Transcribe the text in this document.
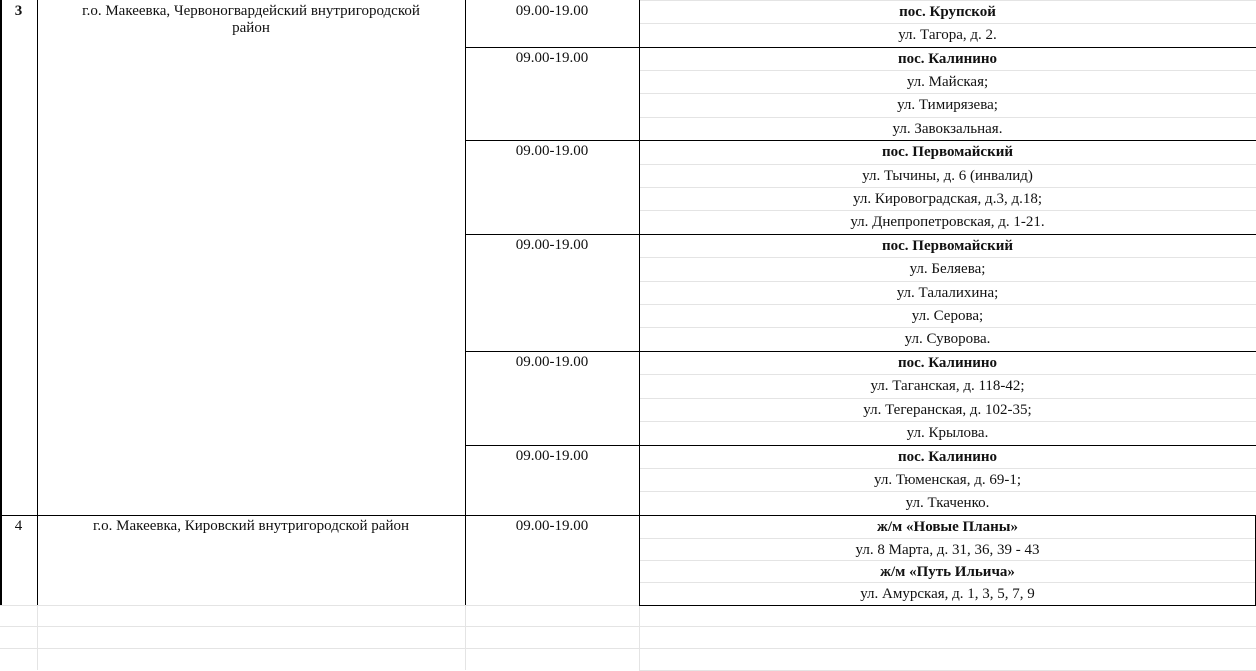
3	г.о. Макеевка, Червоногвардейский внутригородской
район
09.00-19.00	пос. Крупской
ул. Тагора, д. 2.
09.00-19.00	пос. Калинино
ул. Майская;
ул. Тимирязева;
ул. Завокзальная.
09.00-19.00	пос. Первомайский
ул. Тычины, д. 6 (инвалид)
ул. Кировоградская, д.3, д.18;
ул. Днепропетровская, д. 1-21.
09.00-19.00	пос. Первомайский
ул. Беляева;
ул. Талалихина;
ул. Серова;
ул. Суворова.
09.00-19.00	пос. Калинино
ул. Таганская, д. 118-42;
ул. Тегеранская, д. 102-35;
ул. Крылова.
09.00-19.00	пос. Калинино
ул. Тюменская, д. 69-1;
ул. Ткаченко.
4	г.о. Макеевка, Кировский внутригородской район	09.00-19.00	ж/м «Новые Планы»
ул. 8 Марта, д. 31, 36, 39 - 43
ж/м «Путь Ильича»
ул. Амурская, д. 1, 3, 5, 7, 9
